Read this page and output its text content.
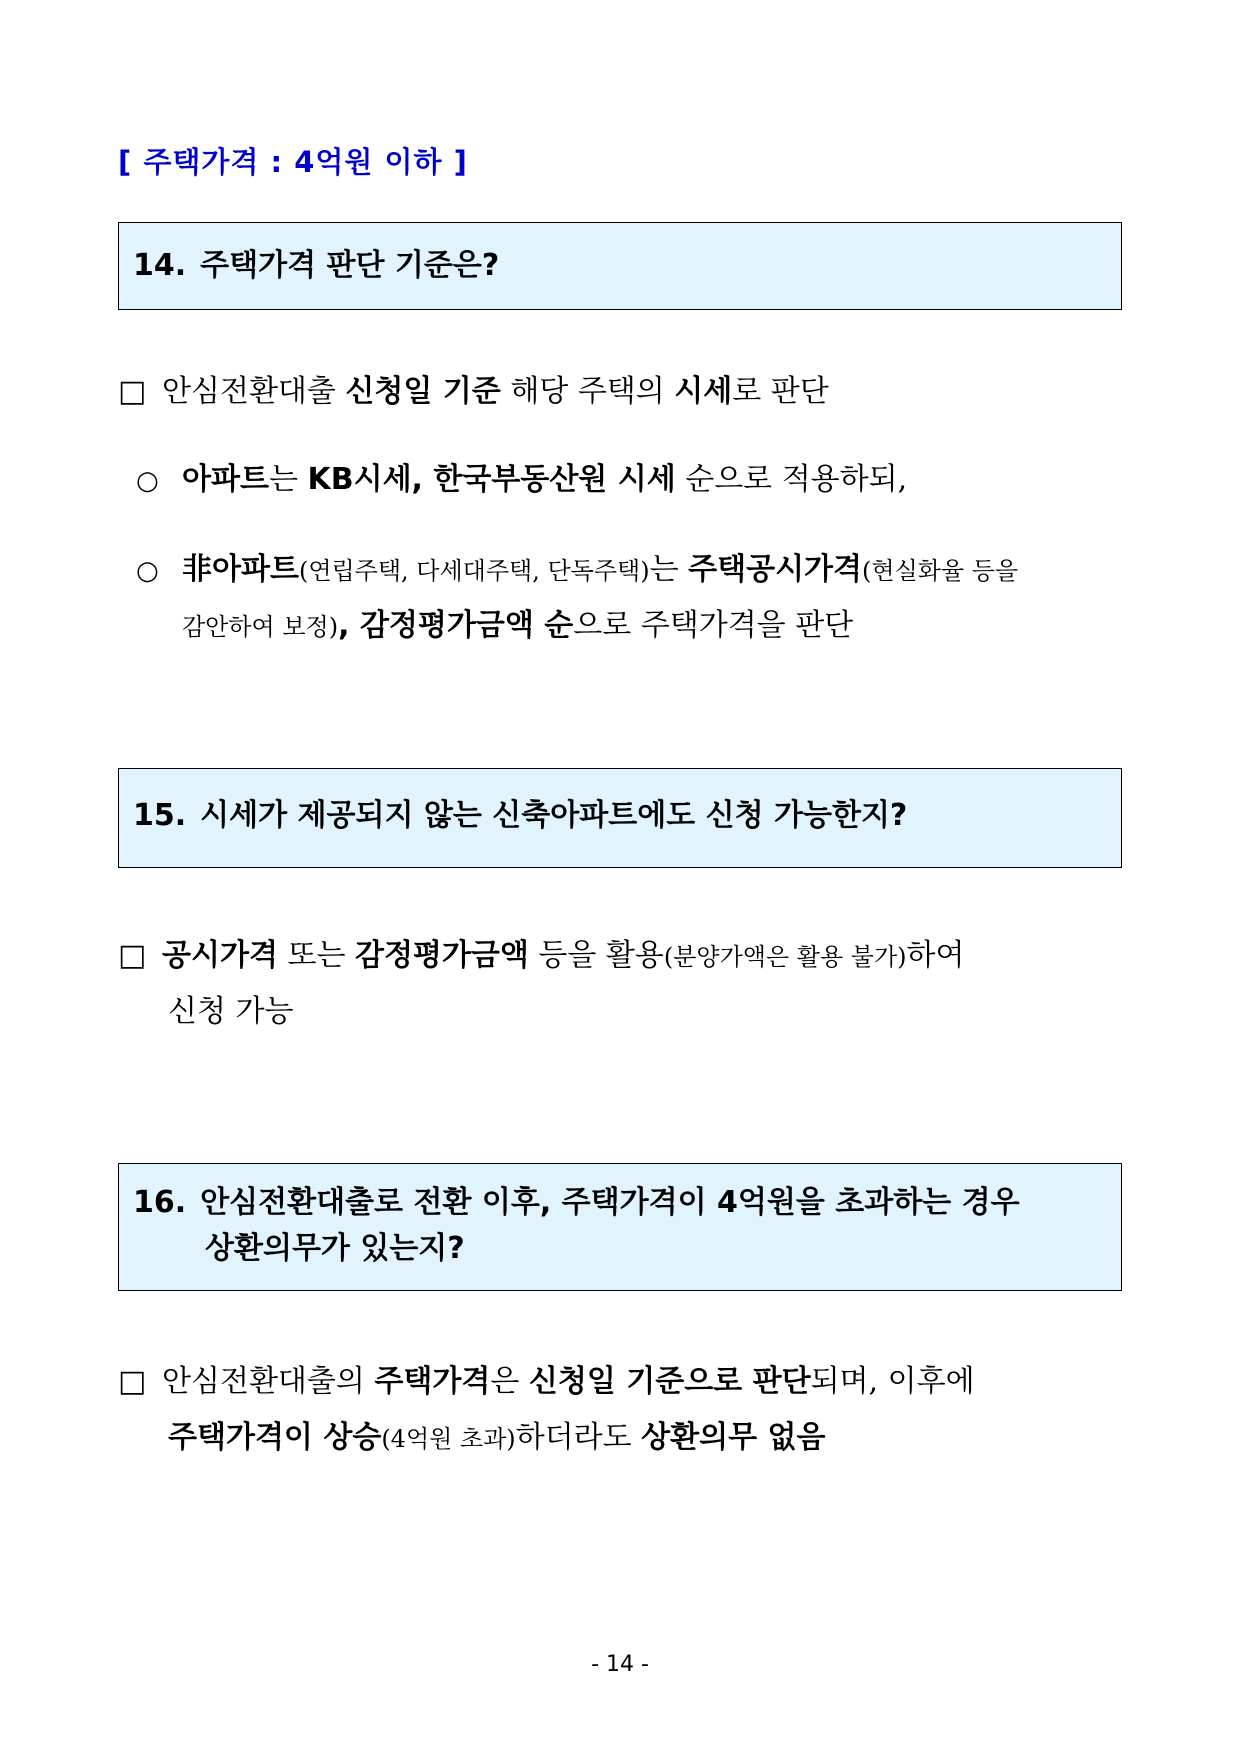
[ 주택가격 : 4억원 이하 ]
14. 주택가격 판단 기준은?
□ 안심전환대출 신청일 기준 해당 주택의 시세로 판단
○ 아파트는 KB시세, 한국부동산원 시세 순으로 적용하되,
○ 非아파트(연립주택, 다세대주택, 단독주택)는 주택공시가격(현실화율 등을
감안하여 보정), 감정평가금액 순으로 주택가격을 판단
15. 시세가 제공되지 않는 신축아파트에도 신청 가능한지?
□ 공시가격 또는 감정평가금액 등을 활용(분양가액은 활용 불가)하여
신청 가능
16. 안심전환대출로 전환 이후, 주택가격이 4억원을 초과하는 경우
상환의무가 있는지?
□ 안심전환대출의 주택가격은 신청일 기준으로 판단되며, 이후에
주택가격이 상승(4억원 초과)하더라도 상환의무 없음
- 14 -
